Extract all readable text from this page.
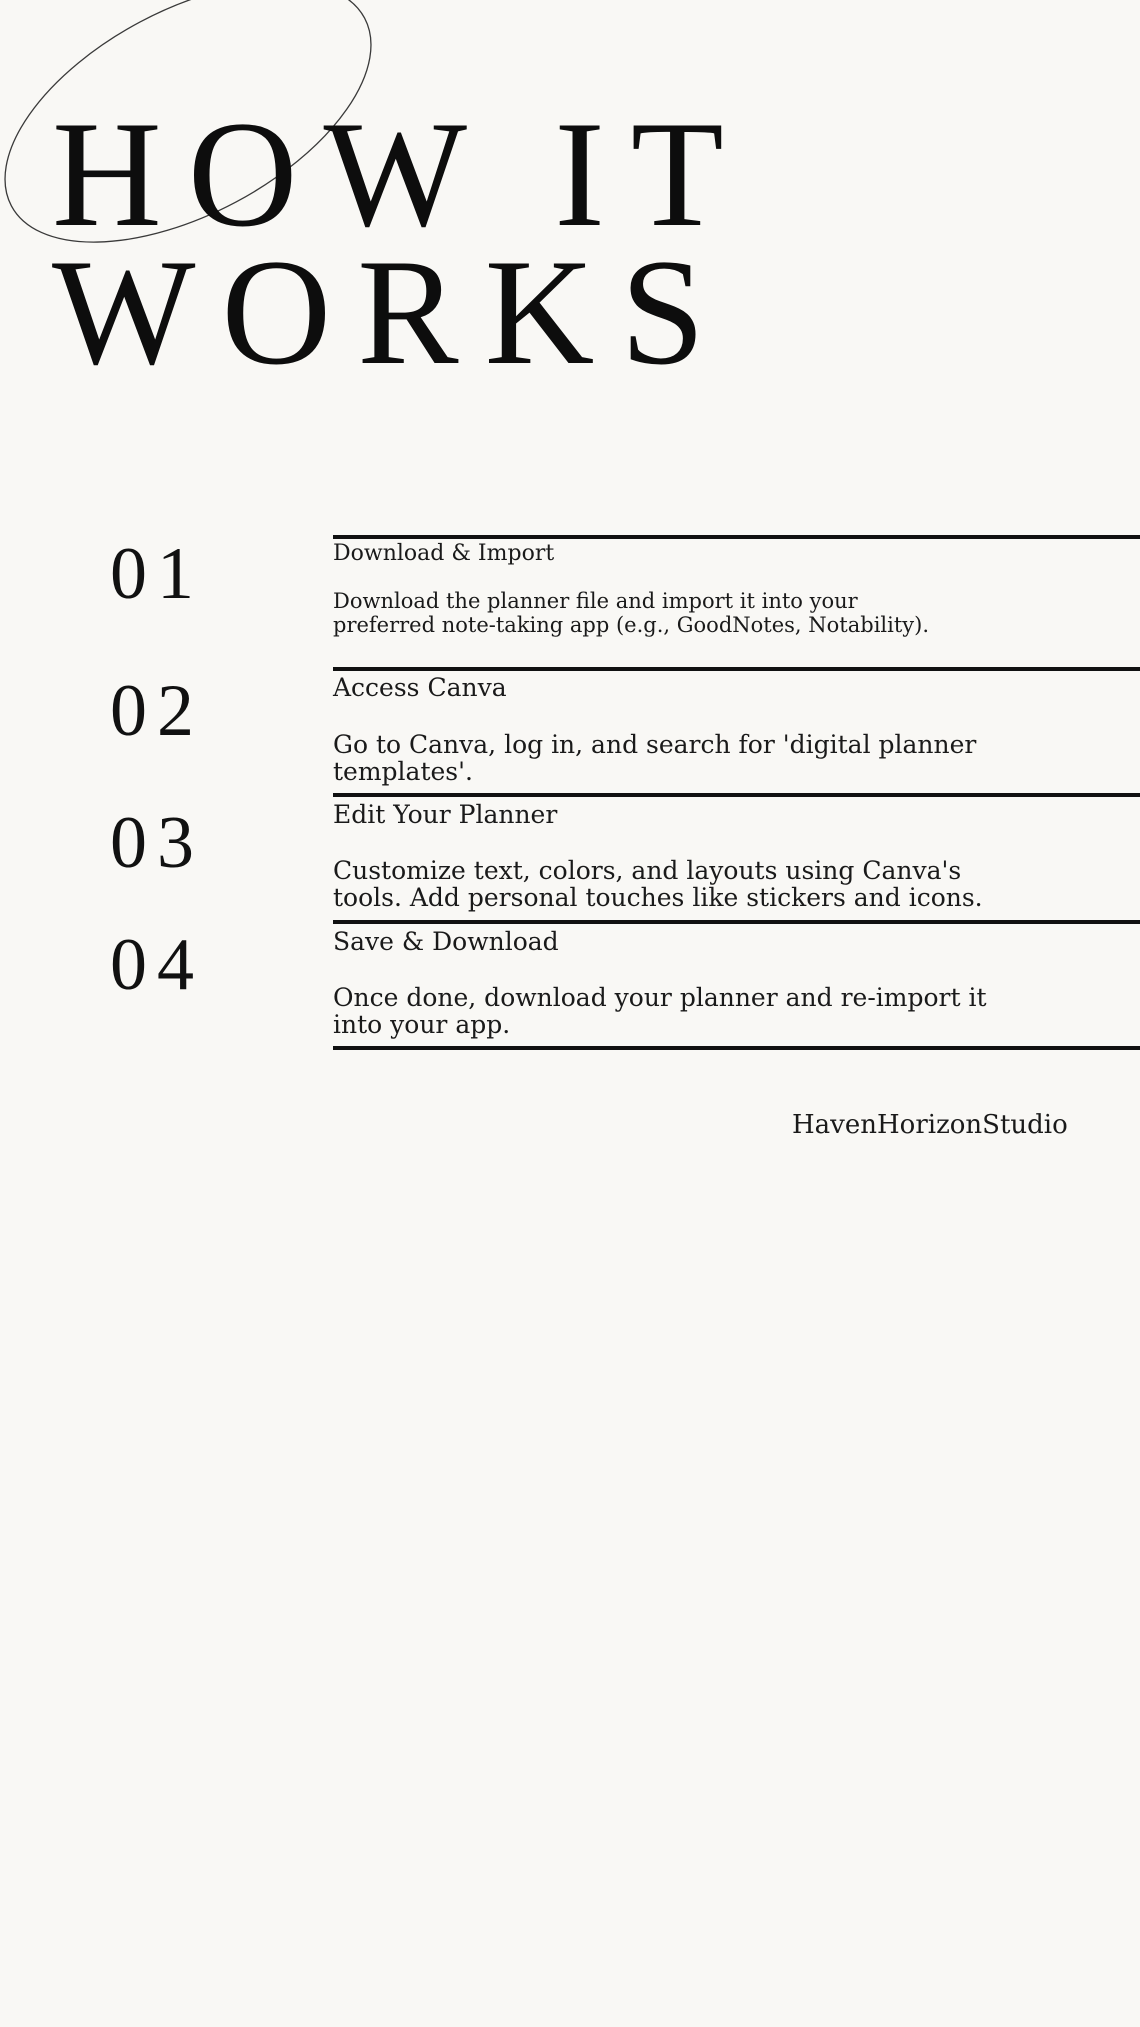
HOW IT
WORKS
01	Download & Import
Download the planner file and import it into your preferred note-taking app (e.g., GoodNotes, Notability).
02	Access Canva
Go to Canva, log in, and search for 'digital planner templates'.
03	Edit Your Planner
Customize text, colors, and layouts using Canva's tools. Add personal touches like stickers and icons.
04	Save & Download
Once done, download your planner and re-import it into your app.
HavenHorizonStudio
